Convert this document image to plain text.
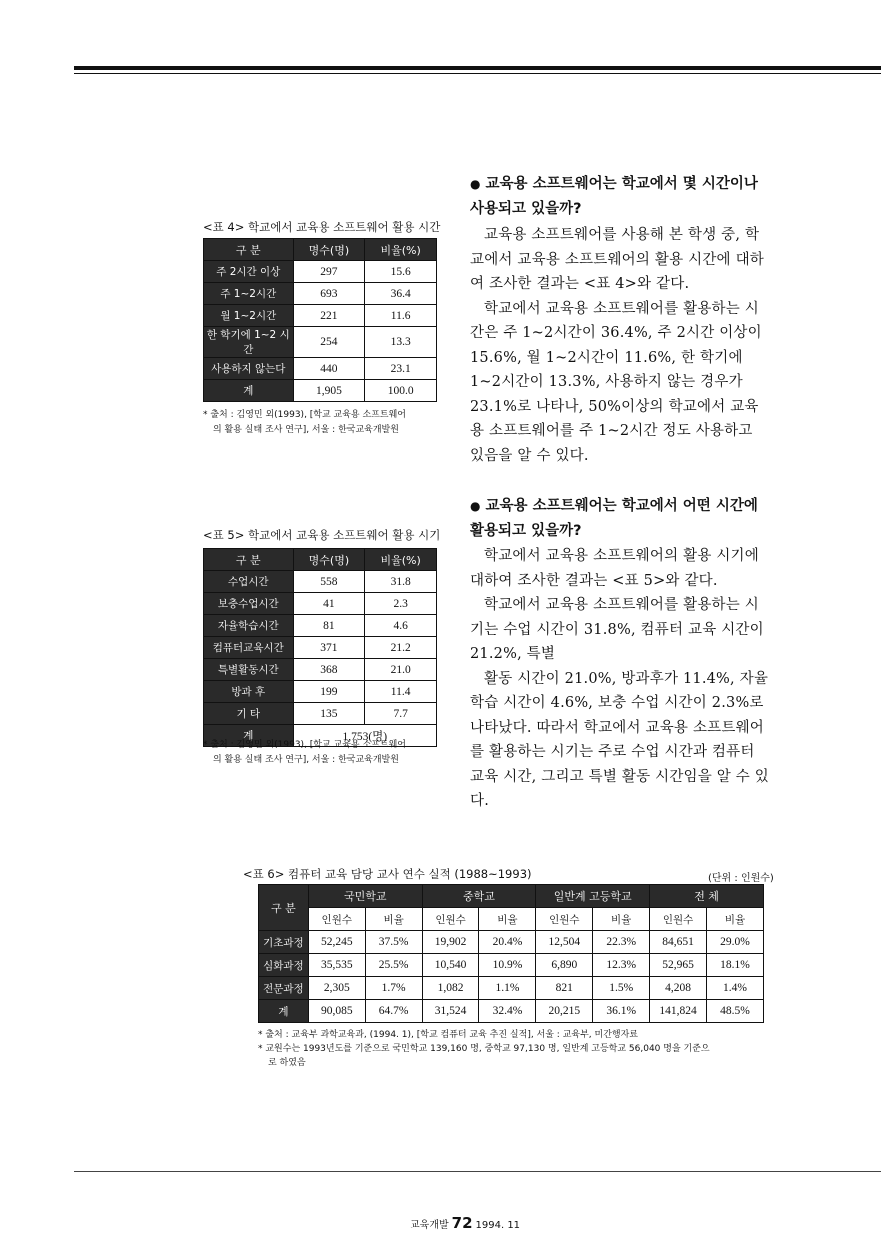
<표 4> 학교에서 교육용 소프트웨어 활용 시간
구 분	명수(명)	비율(%)
주 2시간 이상	297	15.6
주 1~2시간	693	36.4
월 1~2시간	221	11.6
한 학기에 1~2 시간	254	13.3
사용하지 않는다	440	23.1
계	1,905	100.0
* 출처 : 김영민 외(1993), [학교 교육용 소프트웨어
의 활용 실태 조사 연구], 서울 : 한국교육개발원
● 교육용 소프트웨어는 학교에서 몇 시간이나 사용되고 있을까?

교육용 소프트웨어를 사용해 본 학생 중, 학교에서 교육용 소프트웨어의 활용 시간에 대하여 조사한 결과는 <표 4>와 같다.

학교에서 교육용 소프트웨어를 활용하는 시간은 주 1~2시간이 36.4%, 주 2시간 이상이 15.6%, 월 1~2시간이 11.6%, 한 학기에 1~2시간이 13.3%, 사용하지 않는 경우가 23.1%로 나타나, 50%이상의 학교에서 교육용 소프트웨어를 주 1~2시간 정도 사용하고 있음을 알 수 있다.

<표 5> 학교에서 교육용 소프트웨어 활용 시기
구 분	명수(명)	비율(%)
수업시간	558	31.8
보충수업시간	41	2.3
자율학습시간	81	4.6
컴퓨터교육시간	371	21.2
특별활동시간	368	21.0
방과 후	199	11.4
기 타	135	7.7
계	1,753(명)	
* 출처 : 김영민 외(1993), [학교 교육용 소프트웨어
의 활용 실태 조사 연구], 서울 : 한국교육개발원
● 교육용 소프트웨어는 학교에서 어떤 시간에 활용되고 있을까?

학교에서 교육용 소프트웨어의 활용 시기에 대하여 조사한 결과는 <표 5>와 같다.

학교에서 교육용 소프트웨어를 활용하는 시기는 수업 시간이 31.8%, 컴퓨터 교육 시간이 21.2%, 특별

활동 시간이 21.0%, 방과후가 11.4%, 자율 학습 시간이 4.6%, 보충 수업 시간이 2.3%로 나타났다. 따라서 학교에서 교육용 소프트웨어를 활용하는 시기는 주로 수업 시간과 컴퓨터 교육 시간, 그리고 특별 활동 시간임을 알 수 있다.

<표 6> 컴퓨터 교육 담당 교사 연수 실적 (1988~1993)	(단위 : 인원수)
구 분	국민학교		중학교		일반계 고등학교		전 체	
	인원수	비율	인원수	비율	인원수	비율	인원수	비율
기초과정	52,245	37.5%	19,902	20.4%	12,504	22.3%	84,651	29.0%
심화과정	35,535	25.5%	10,540	10.9%	6,890	12.3%	52,965	18.1%
전문과정	2,305	1.7%	1,082	1.1%	821	1.5%	4,208	1.4%
계	90,085	64.7%	31,524	32.4%	20,215	36.1%	141,824	48.5%
* 출처 : 교육부 과학교육과, (1994. 1), [학교 컴퓨터 교육 추진 실적], 서울 : 교육부, 미간행자료
* 교원수는 1993년도를 기준으로 국민학교 139,160 명, 중학교 97,130 명, 일반계 고등학교 56,040 명을 기준으
로 하였음
교육개발 72 1994. 11
